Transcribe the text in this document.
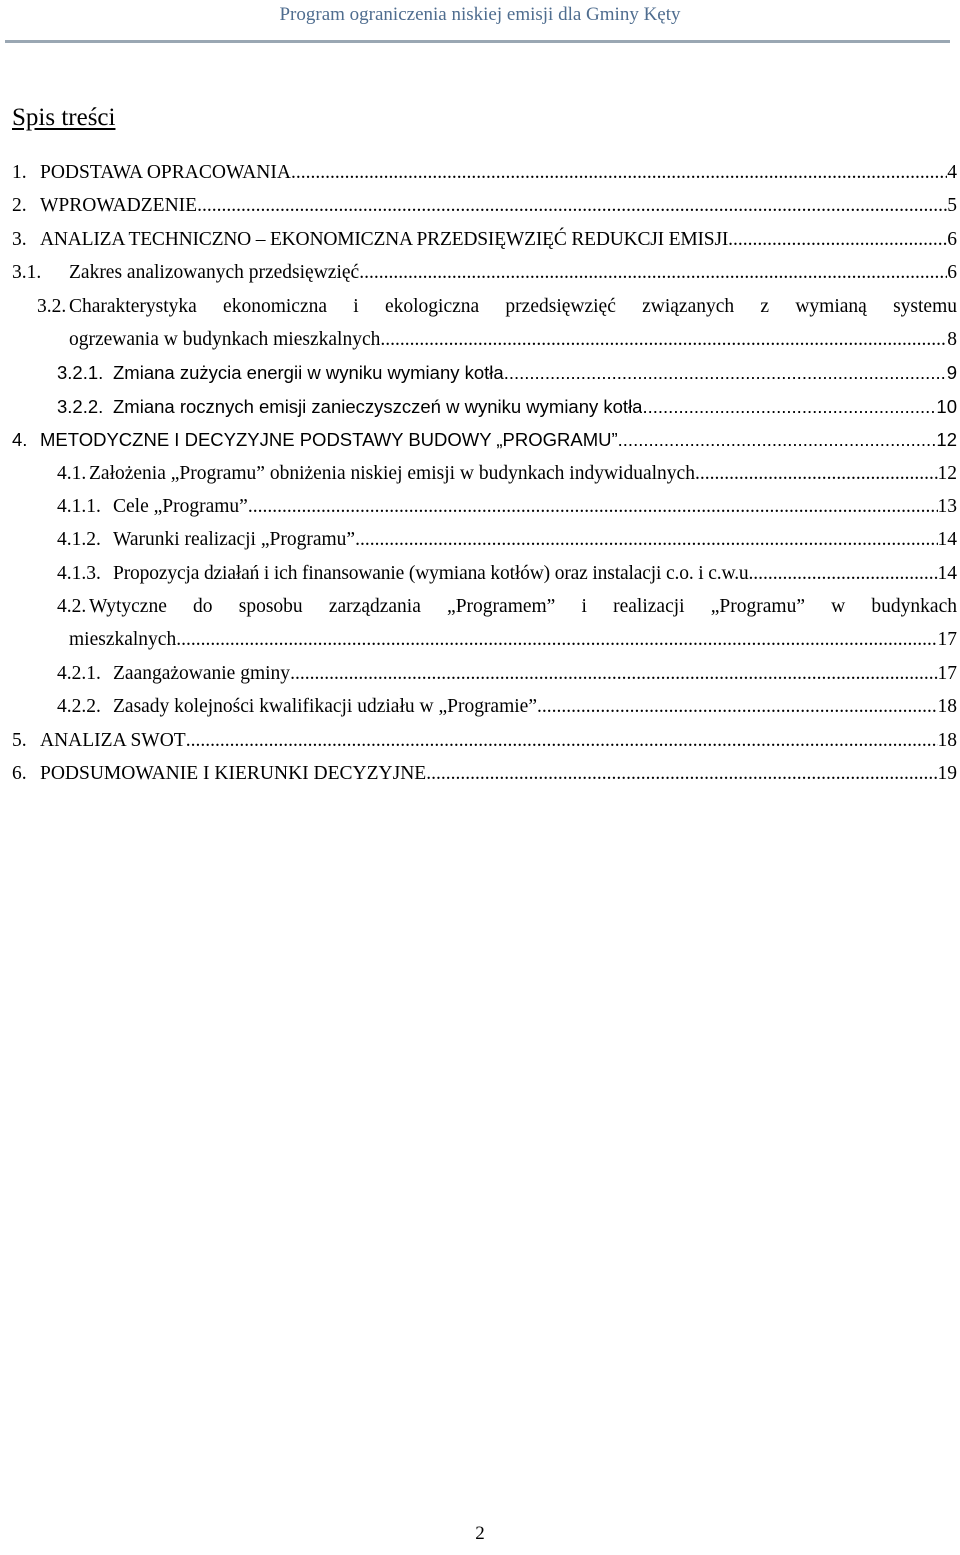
Program ograniczenia niskiej emisji dla Gminy Kęty
Spis treści
1. PODSTAWA OPRACOWANIA .....	4
2. WPROWADZENIE .....	5
3. ANALIZA TECHNICZNO – EKONOMICZNA PRZEDSIĘWZIĘĆ REDUKCJI EMISJI .....	6
3.1.	Zakres analizowanych przedsięwzięć .....	6
3.2. Charakterystyka ekonomiczna i ekologiczna przedsięwzięć związanych z wymianą systemu
ogrzewania w budynkach mieszkalnych .....	8
3.2.1. Zmiana zużycia energii w wyniku wymiany kotła .....	9
3.2.2. Zmiana rocznych emisji zanieczyszczeń w wyniku wymiany kotła .....	10
4. METODYCZNE I DECYZYJNE PODSTAWY BUDOWY „PROGRAMU” .....	12
4.1. Założenia „Programu” obniżenia niskiej emisji w budynkach indywidualnych .....	12
4.1.1. Cele „Programu” .....	13
4.1.2. Warunki realizacji „Programu” .....	14
4.1.3. Propozycja działań i ich finansowanie (wymiana kotłów) oraz instalacji c.o. i c.w.u. .....	14
4.2. Wytyczne do sposobu zarządzania „Programem” i realizacji „Programu” w budynkach
mieszkalnych .....	17
4.2.1. Zaangażowanie gminy .....	17
4.2.2. Zasady kolejności kwalifikacji udziału w „Programie” .....	18
5. ANALIZA SWOT .....	18
6. PODSUMOWANIE I KIERUNKI DECYZYJNE .....	19
2
